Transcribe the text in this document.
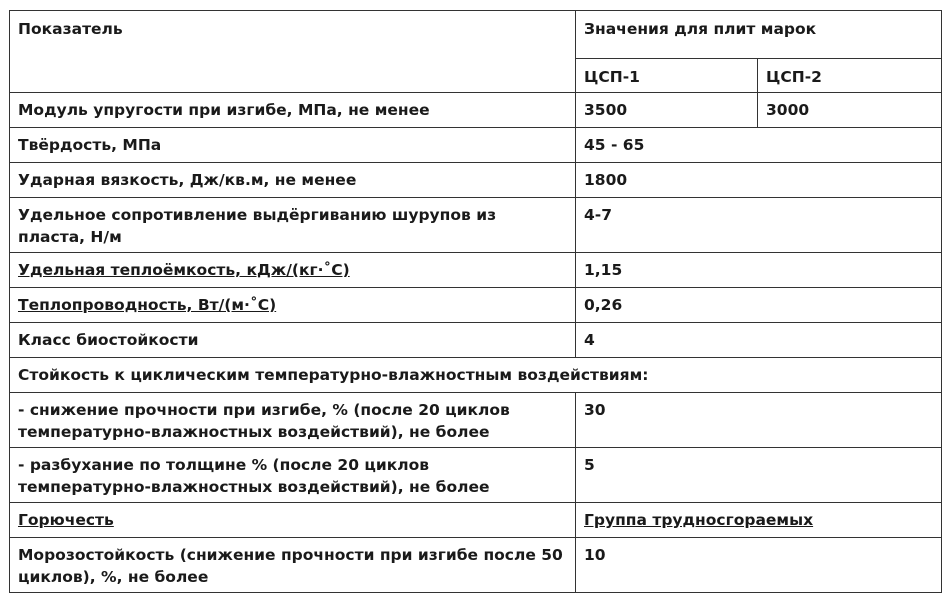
Показатель	Значения для плит марок	
	ЦСП-1	ЦСП-2
Модуль упругости при изгибе, МПа, не менее	3500	3000
Твёрдость, МПа	45 - 65	
Ударная вязкость, Дж/кв.м, не менее	1800	
Удельное сопротивление выдёргиванию шурупов из пласта, Н/м	4-7	
Удельная теплоёмкость, кДж/(кг·˚С)	1,15	
Теплопроводность, Вт/(м·˚С)	0,26	
Класс биостойкости	4	
Стойкость к циклическим температурно-влажностным воздействиям:		
- снижение прочности при изгибе, % (после 20 циклов температурно-влажностных воздействий), не более	30	
- разбухание по толщине % (после 20 циклов температурно-влажностных воздействий), не более	5	
Горючесть	Группа трудносгораемых	
Морозостойкость (снижение прочности при изгибе после 50 циклов), %, не более	10	
